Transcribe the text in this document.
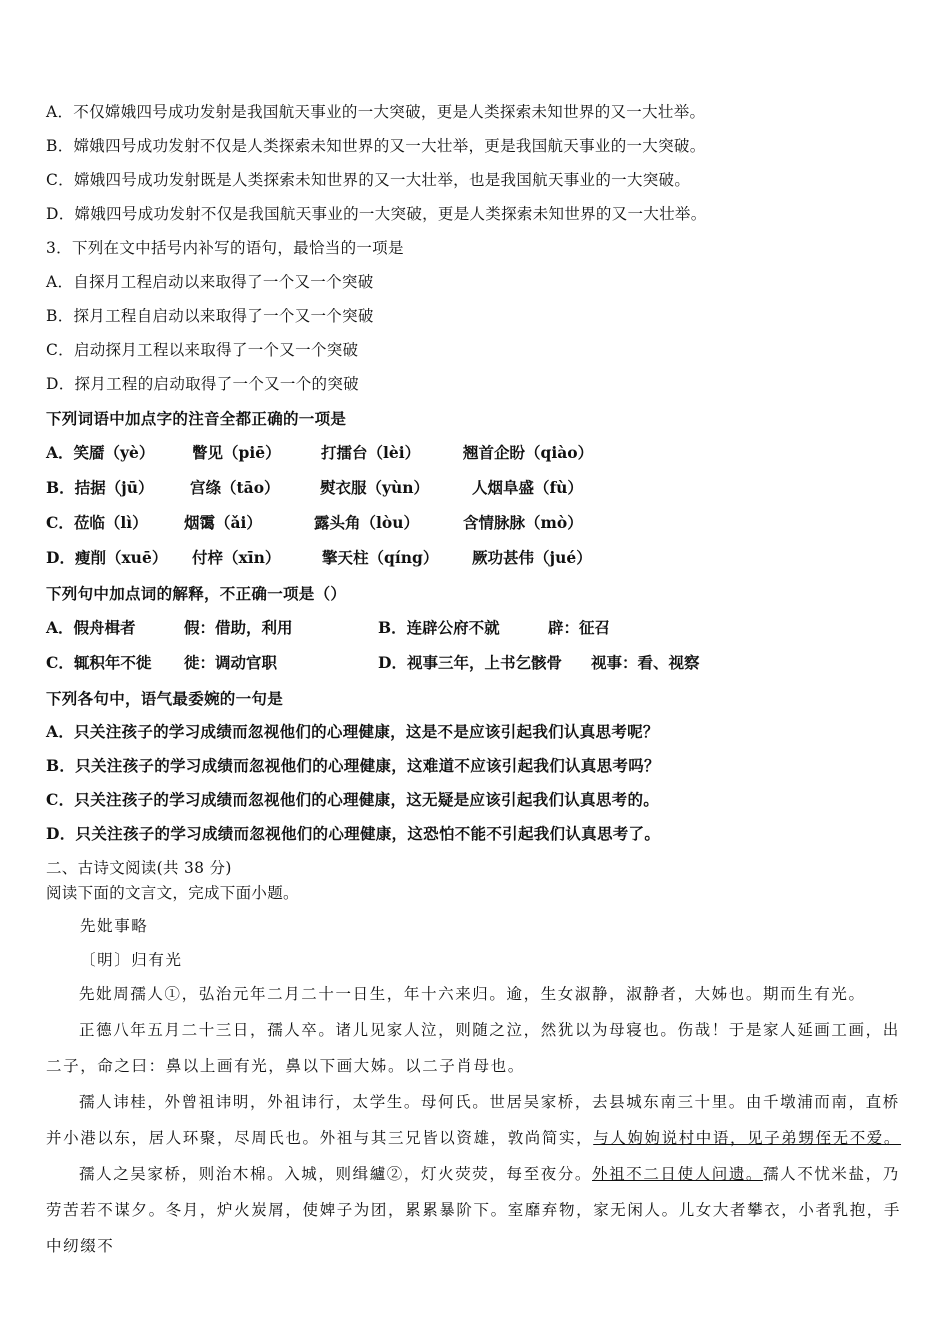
A．不仅嫦娥四号成功发射是我国航天事业的一大突破，更是人类探索未知世界的又一大壮举。
B．嫦娥四号成功发射不仅是人类探索未知世界的又一大壮举，更是我国航天事业的一大突破。
C．嫦娥四号成功发射既是人类探索未知世界的又一大壮举，也是我国航天事业的一大突破。
D．嫦娥四号成功发射不仅是我国航天事业的一大突破，更是人类探索未知世界的又一大壮举。
3．下列在文中括号内补写的语句，最恰当的一项是
A．自探月工程启动以来取得了一个又一个突破
B．探月工程自启动以来取得了一个又一个突破
C．启动探月工程以来取得了一个又一个突破
D．探月工程的启动取得了一个又一个的突破
下列词语中加点字的注音全都正确的一项是
A．笑靥（yè） 瞥见（piē）	打擂台（lèi）	翘首企盼（qiào）
B．拮据（jū） 宫绦（tāo）	熨衣服（yùn）	人烟阜盛（fù）
C．莅临（lì） 烟霭（ǎi）	露头角（lòu）	含情脉脉（mò）
D．瘦削（xuē） 付梓（xīn）	擎天柱（qíng） 厥功甚伟（jué）
下列句中加点词的解释，不正确一项是（）
A．假舟楫者	假：借助，利用	B．连辟公府不就	辟：征召
C．辄积年不徙 徙：调动官职	D．视事三年，上书乞骸骨 视事：看、视察
下列各句中，语气最委婉的一句是
A．只关注孩子的学习成绩而忽视他们的心理健康，这是不是应该引起我们认真思考呢？
B．只关注孩子的学习成绩而忽视他们的心理健康，这难道不应该引起我们认真思考吗？
C．只关注孩子的学习成绩而忽视他们的心理健康，这无疑是应该引起我们认真思考的。
D．只关注孩子的学习成绩而忽视他们的心理健康，这恐怕不能不引起我们认真思考了。
二、古诗文阅读(共 38 分)
阅读下面的文言文，完成下面小题。
先妣事略
〔明〕归有光
先妣周孺人①，弘治元年二月二十一日生，年十六来归。逾，生女淑静，淑静者，大姊也。期而生有光。
正德八年五月二十三日，孺人卒。诸儿见家人泣，则随之泣，然犹以为母寝也。伤哉！于是家人延画工画，出二子，命之曰：鼻以上画有光，鼻以下画大姊。以二子肖母也。
孺人讳桂，外曾祖讳明，外祖讳行，太学生。母何氏。世居吴家桥，去县城东南三十里。由千墩浦而南，直桥并小港以东，居人环聚，尽周氏也。外祖与其三兄皆以资雄，敦尚简实，与人姁姁说村中语，见子弟甥侄无不爱。
孺人之吴家桥，则治木棉。入城，则缉纑②，灯火荧荧，每至夜分。外祖不二日使人问遗。孺人不忧米盐，乃劳苦若不谋夕。冬月，炉火炭屑，使婢子为团，累累暴阶下。室靡弃物，家无闲人。儿女大者攀衣，小者乳抱，手中纫缀不
